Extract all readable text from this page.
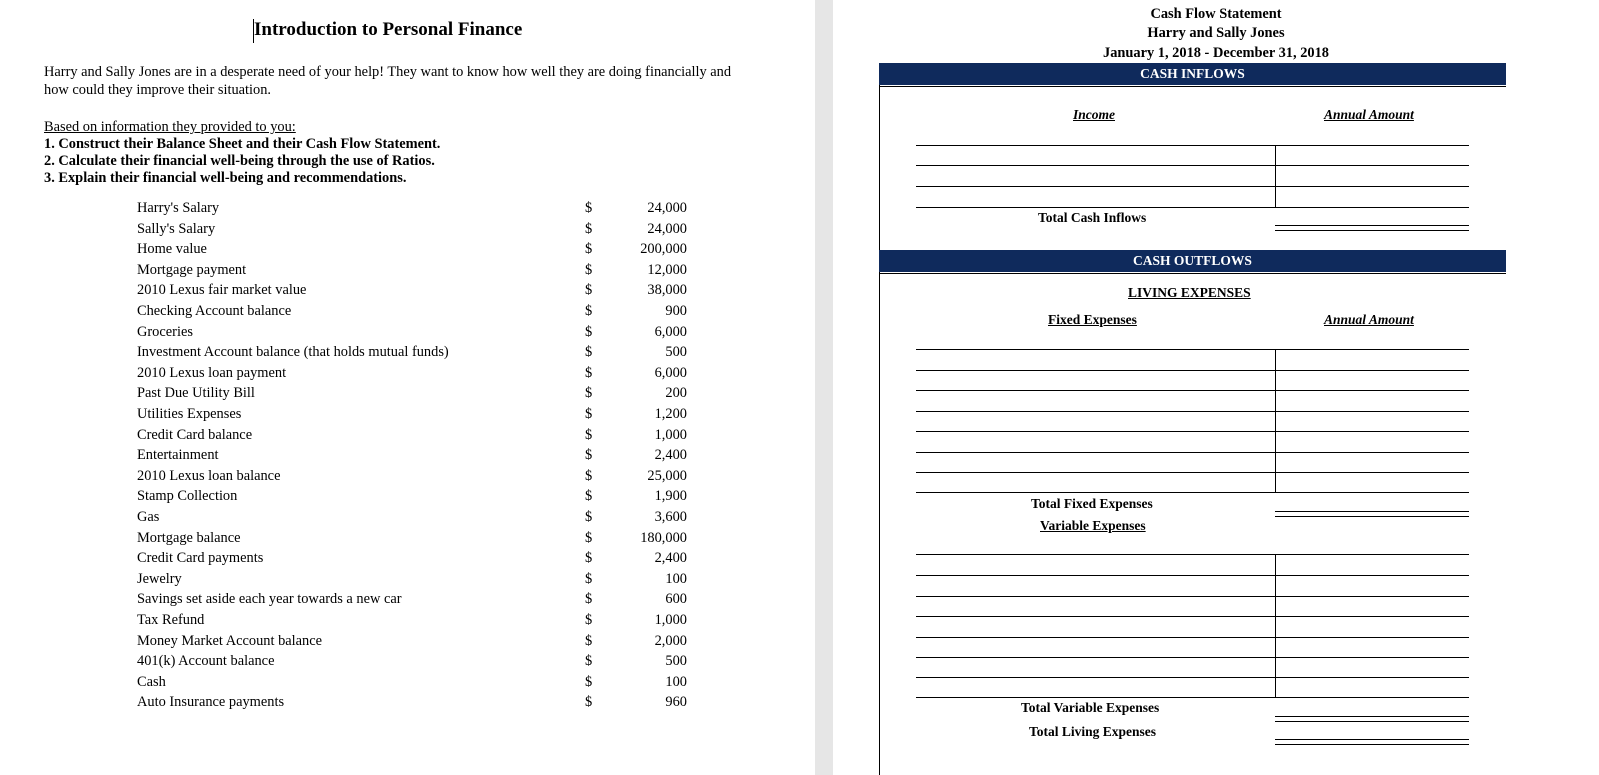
Introduction to Personal Finance
Harry and Sally Jones are in a desperate need of your help! They want to know how well they are doing financially and how could they improve their situation.
Based on information they provided to you:
1. Construct their Balance Sheet and their Cash Flow Statement.
2. Calculate their financial well-being through the use of Ratios.
3. Explain their financial well-being and recommendations.
Harry's Salary	$	24,000
Sally's Salary	$	24,000
Home value	$	200,000
Mortgage payment	$	12,000
2010 Lexus fair market value	$	38,000
Checking Account balance	$	900
Groceries	$	6,000
Investment Account balance (that holds mutual funds)	$	500
2010 Lexus loan payment	$	6,000
Past Due Utility Bill	$	200
Utilities Expenses	$	1,200
Credit Card balance	$	1,000
Entertainment	$	2,400
2010 Lexus loan balance	$	25,000
Stamp Collection	$	1,900
Gas	$	3,600
Mortgage balance	$	180,000
Credit Card payments	$	2,400
Jewelry	$	100
Savings set aside each year towards a new car	$	600
Tax Refund	$	1,000
Money Market Account balance	$	2,000
401(k) Account balance	$	500
Cash	$	100
Auto Insurance payments	$	960
Cash Flow Statement
Harry and Sally Jones
January 1, 2018 - December 31, 2018
CASH INFLOWS
Income	Annual Amount
Total Cash Inflows
CASH OUTFLOWS
LIVING EXPENSES
Fixed Expenses	Annual Amount
Total Fixed Expenses
Variable Expenses
Total Variable Expenses
Total Living Expenses
